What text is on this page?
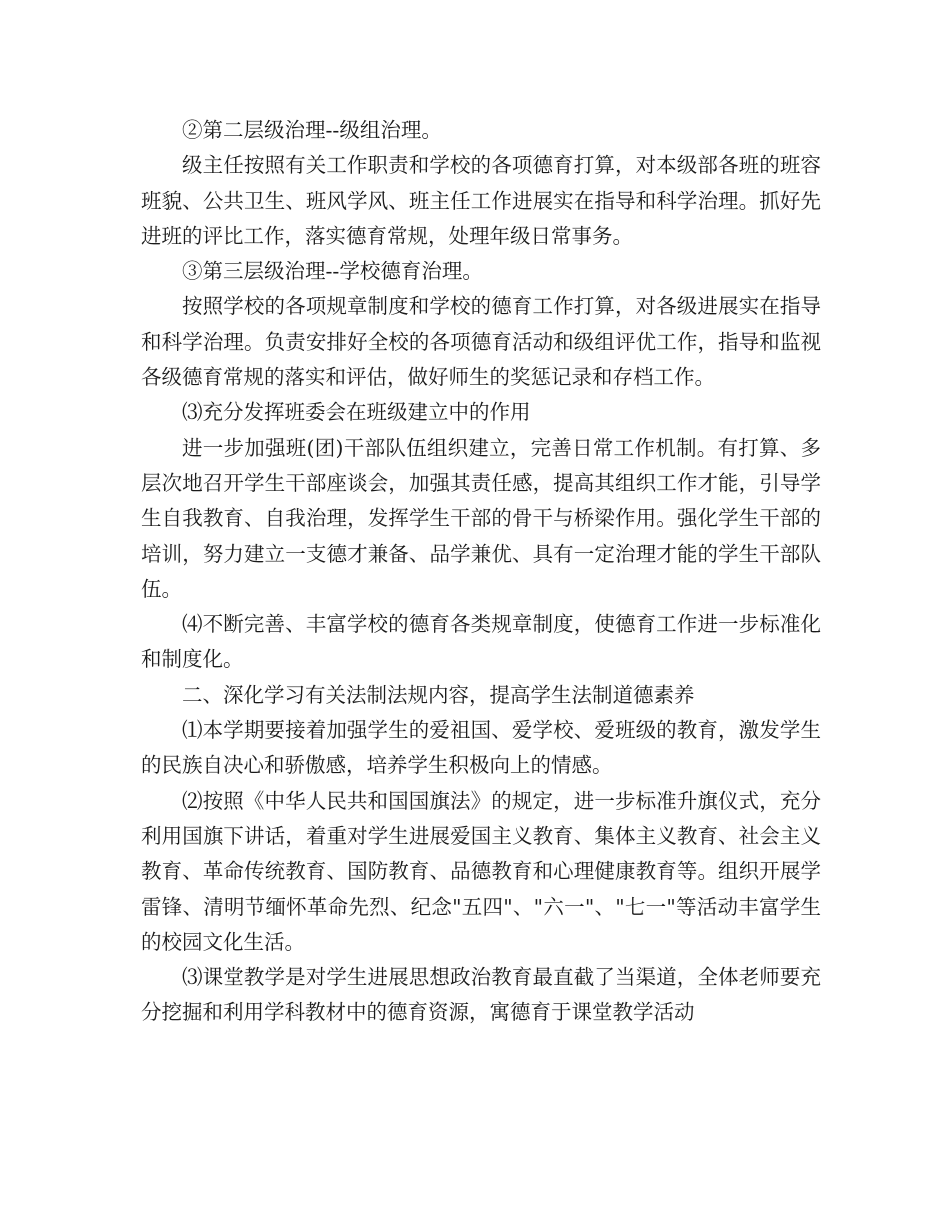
②第二层级治理--级组治理。

级主任按照有关工作职责和学校的各项德育打算，对本级部各班的班容班貌、公共卫生、班风学风、班主任工作进展实在指导和科学治理。抓好先进班的评比工作，落实德育常规，处理年级日常事务。

③第三层级治理--学校德育治理。

按照学校的各项规章制度和学校的德育工作打算，对各级进展实在指导和科学治理。负责安排好全校的各项德育活动和级组评优工作，指导和监视各级德育常规的落实和评估，做好师生的奖惩记录和存档工作。

⑶充分发挥班委会在班级建立中的作用

进一步加强班(团)干部队伍组织建立，完善日常工作机制。有打算、多层次地召开学生干部座谈会，加强其责任感，提高其组织工作才能，引导学生自我教育、自我治理，发挥学生干部的骨干与桥梁作用。强化学生干部的培训，努力建立一支德才兼备、品学兼优、具有一定治理才能的学生干部队伍。

⑷不断完善、丰富学校的德育各类规章制度，使德育工作进一步标准化和制度化。

二、深化学习有关法制法规内容，提高学生法制道德素养

⑴本学期要接着加强学生的爱祖国、爱学校、爱班级的教育，激发学生的民族自决心和骄傲感，培养学生积极向上的情感。

⑵按照《中华人民共和国国旗法》的规定，进一步标准升旗仪式，充分利用国旗下讲话，着重对学生进展爱国主义教育、集体主义教育、社会主义教育、革命传统教育、国防教育、品德教育和心理健康教育等。组织开展学雷锋、清明节缅怀革命先烈、纪念"五四"、"六一"、"七一"等活动丰富学生的校园文化生活。

⑶课堂教学是对学生进展思想政治教育最直截了当渠道，全体老师要充分挖掘和利用学科教材中的德育资源，寓德育于课堂教学活动
